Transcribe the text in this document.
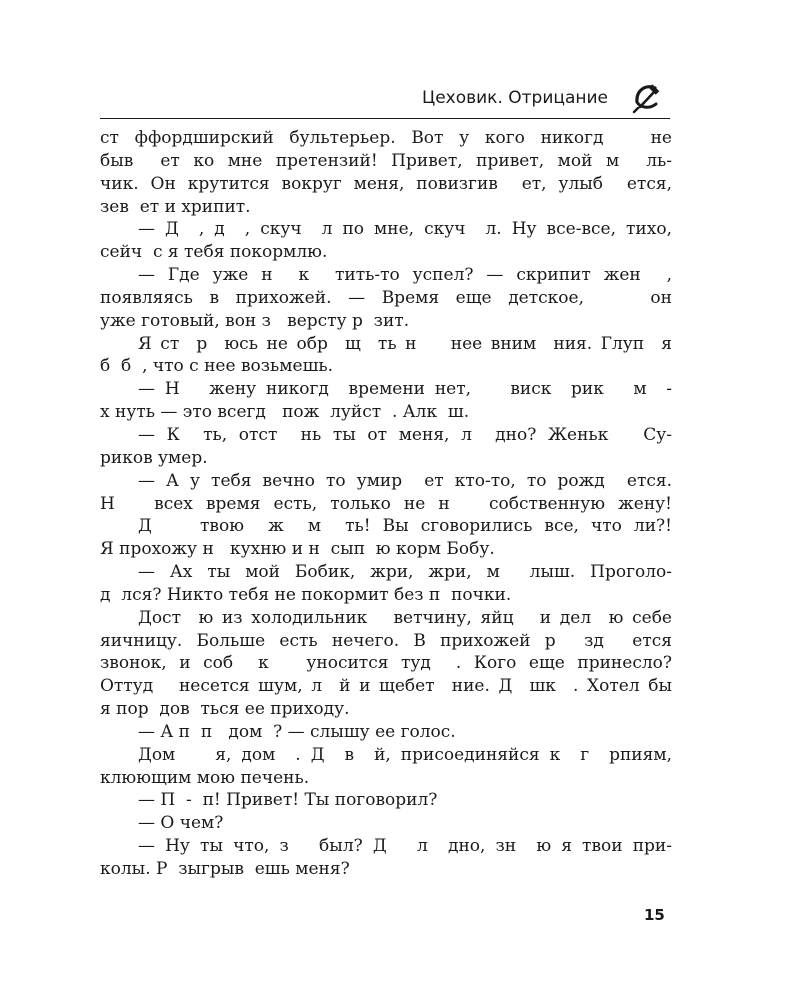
Цеховик. Отрицание
ст ффордширский бультерьер. Вот у кого никогд   не
быв  ет ко мне претензий! Привет, привет, мой м  ль-
чик. Он крутится вокруг меня, повизгив  ет, улыб  ется,
зев  ет и хрипит.
— Д  , д  , скуч  л по мне, скуч  л. Ну все-все, тихо,
сейч  с я тебя покормлю.
— Где уже н  к  тить-то успел? — скрипит жен  ,
появляясь в прихожей. — Время еще детское,    он
уже готовый, вон з   версту р  зит.
Я ст  р  юсь не обр  щ  ть н    нее вним  ния. Глуп  я
б  б  , что с нее возьмешь.
— Н   жену никогд  времени нет,    виск  рик   м  -
х нуть — это всегд   пож  луйст  . Алк  ш.
— К  ть, отст  нь ты от меня, л  дно? Женьк   Су-
риков умер.
— А у тебя вечно то умир  ет кто-то, то рожд  ется.
Н   всех время есть, только не н   собственную жену!
Д    твою  ж  м  ть! Вы сговорились все, что ли?!
Я прохожу н   кухню и н  сып  ю корм Бобу.
— Ах ты мой Бобик, жри, жри, м  лыш. Проголо-
д  лся? Никто тебя не покормит без п  почки.
Дост  ю из холодильник   ветчину, яйц   и дел  ю себе
яичницу. Больше есть нечего. В прихожей р  зд  ется
звонок, и соб  к   уносится туд  . Кого еще принесло?
Оттуд   несется шум, л  й и щебет  ние. Д  шк  . Хотел бы
я пор  дов  ться ее приходу.
— А п  п   дом  ? — слышу ее голос.
Дом    я, дом  . Д  в  й, присоединяйся к  г  рпиям,
клюющим мою печень.
— П  -  п! Привет! Ты поговорил?
— О чем?
— Ну ты что, з   был? Д   л  дно, зн  ю я твои при-
колы. Р  зыгрыв  ешь меня?
15
